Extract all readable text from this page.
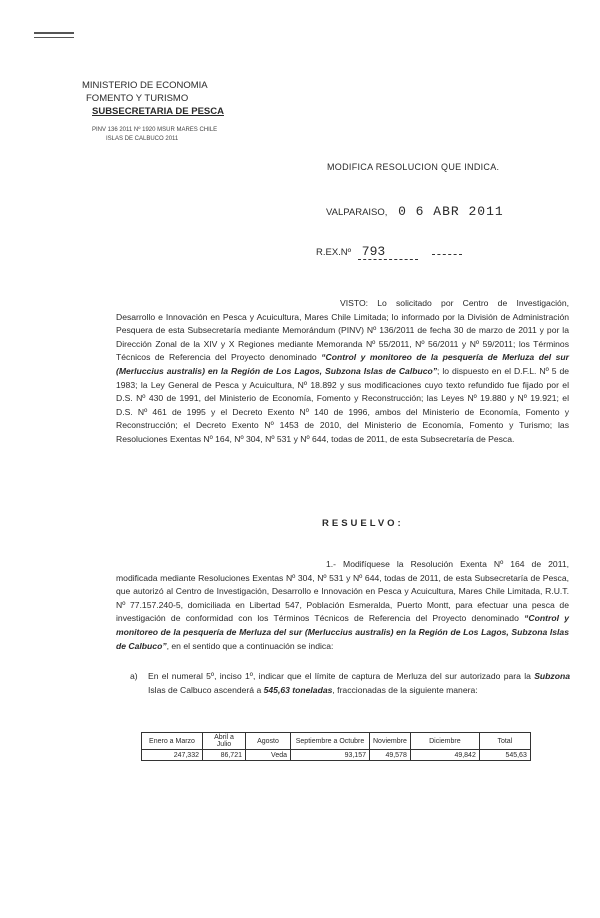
MINISTERIO DE ECONOMIA
FOMENTO Y TURISMO
SUBSECRETARIA DE PESCA
PINV 136 2011 Nº 1920 MSUR MARES CHILE
ISLAS DE CALBUCO 2011
MODIFICA RESOLUCION QUE INDICA.
VALPARAISO, 0 6 ABR 2011
R.EX.Nº 793
VISTO: Lo solicitado por Centro de Investigación, Desarrollo e Innovación en Pesca y Acuicultura, Mares Chile Limitada; lo informado por la División de Administración Pesquera de esta Subsecretaría mediante Memorándum (PINV) Nº 136/2011 de fecha 30 de marzo de 2011 y por la Dirección Zonal de la XIV y X Regiones mediante Memoranda Nº 55/2011, Nº 56/2011 y Nº 59/2011; los Términos Técnicos de Referencia del Proyecto denominado “Control y monitoreo de la pesquería de Merluza del sur (Merluccius australis) en la Región de Los Lagos, Subzona Islas de Calbuco”; lo dispuesto en el D.F.L. Nº 5 de 1983; la Ley General de Pesca y Acuicultura, Nº 18.892 y sus modificaciones cuyo texto refundido fue fijado por el D.S. Nº 430 de 1991, del Ministerio de Economía, Fomento y Reconstrucción; las Leyes Nº 19.880 y Nº 19.921; el D.S. Nº 461 de 1995 y el Decreto Exento Nº 140 de 1996, ambos del Ministerio de Economía, Fomento y Reconstrucción; el Decreto Exento Nº 1453 de 2010, del Ministerio de Economía, Fomento y Turismo; las Resoluciones Exentas Nº 164, Nº 304, Nº 531 y Nº 644, todas de 2011, de esta Subsecretaría de Pesca.
RESUELVO:
1.- Modifíquese la Resolución Exenta Nº 164 de 2011, modificada mediante Resoluciones Exentas Nº 304, Nº 531 y Nº 644, todas de 2011, de esta Subsecretaría de Pesca, que autorizó al Centro de Investigación, Desarrollo e Innovación en Pesca y Acuicultura, Mares Chile Limitada, R.U.T. Nº 77.157.240-5, domiciliada en Libertad 547, Población Esmeralda, Puerto Montt, para efectuar una pesca de investigación de conformidad con los Términos Técnicos de Referencia del Proyecto denominado “Control y monitoreo de la pesquería de Merluza del sur (Merluccius australis) en la Región de Los Lagos, Subzona Islas de Calbuco”, en el sentido que a continuación se indica:
a) En el numeral 5º, inciso 1º, indicar que el límite de captura de Merluza del sur autorizado para la Subzona Islas de Calbuco ascenderá a 545,63 toneladas, fraccionadas de la siguiente manera:
Enero a Marzo	Abril a Julio	Agosto	Septiembre a Octubre	Noviembre	Diciembre	Total
247,332	86,721	Veda	93,157	49,578	49,842	545,63
